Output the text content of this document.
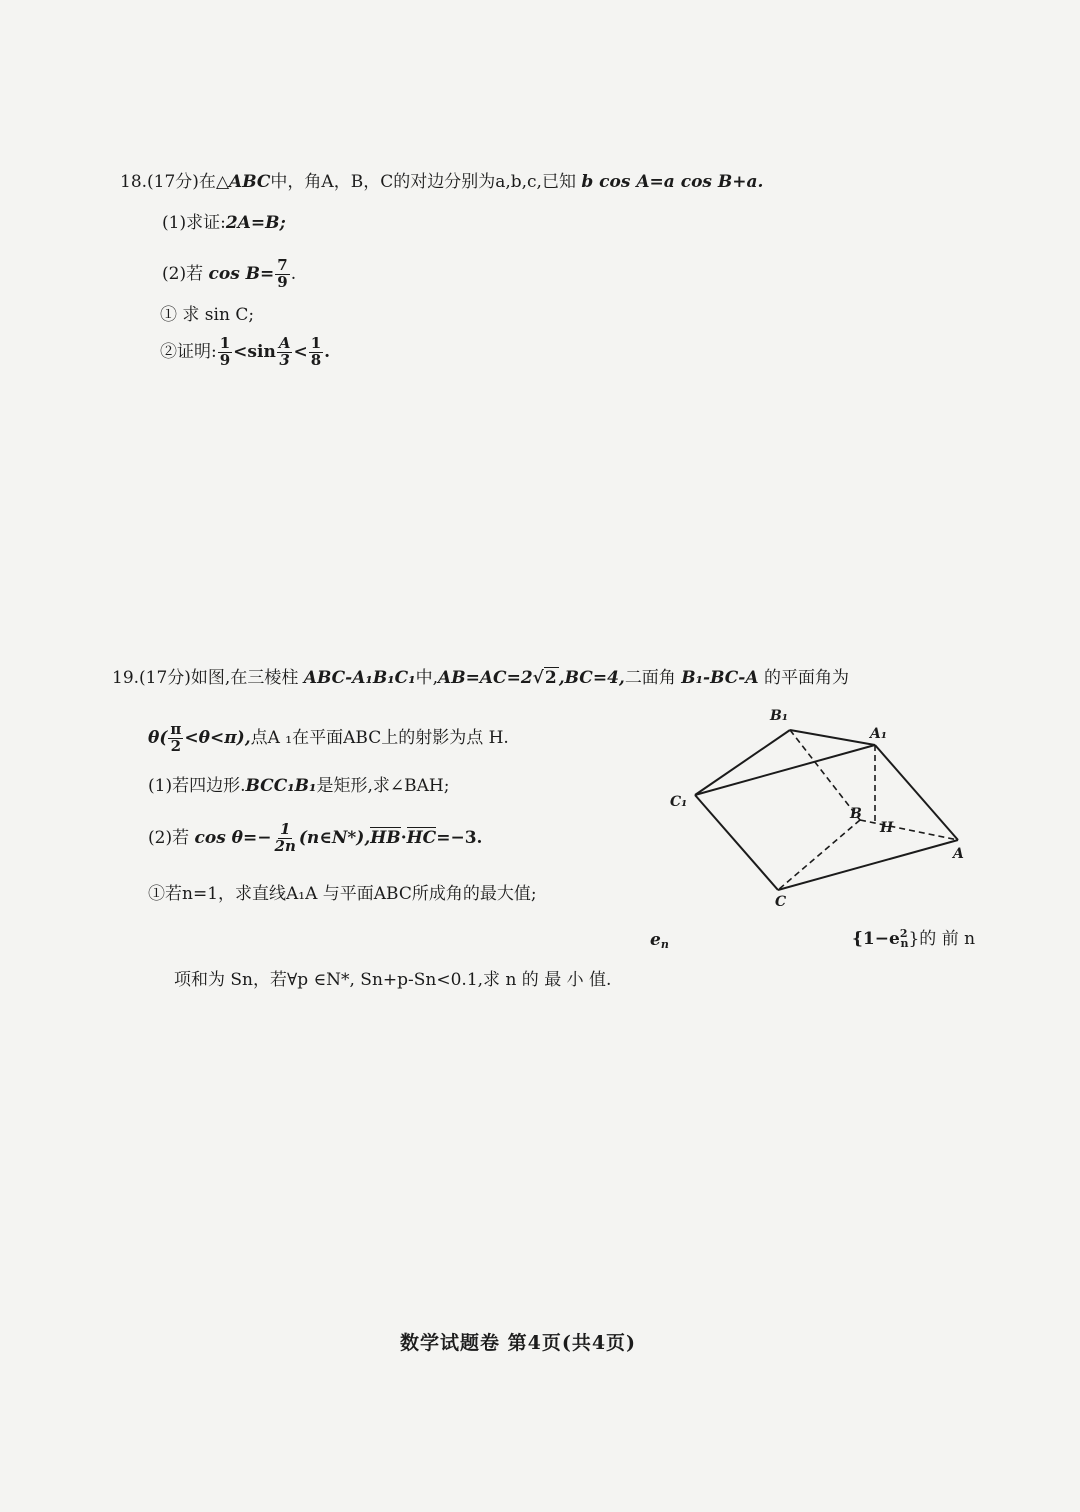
18.(17分)在△ABC中，角A，B，C的对边分别为a,b,c,已知 b cos A=a cos B+a.
(1)求证:2A=B;
(2)若 $\cos B= \frac{7}{9}$ .
① 求 sin C;
②证明: $\frac{1}{9} <\sin \frac{A}{3} < \frac{1}{8}$ .
19.(17分)如图,在三棱柱 ABC-A₁B₁C₁中,AB=AC=2√2 ,BC=4,二面角 B₁-BC-A 的平面角为
$\theta( \frac{\pi}{2} <\theta<\pi)$,点A ₁在平面ABC上的射影为点 H.
(1)若四边形.BCC₁B₁是矩形,求∠BAH;
(2)若 $\cos \theta=- \frac{1}{2n}$ (n∈N*),HB·HC=−3.
①若n=1，求直线A₁A 与平面ABC所成角的最大值;
$e_n$	$\{1-e^2_n\}$的 前 n
项和为 Sn，若∀p ∈N*, Sn+p-Sn<0.1,求 n 的 最 小 值.
B₁
A₁
C₁
B
H
A
C
数学试题卷 第4页(共4页)
